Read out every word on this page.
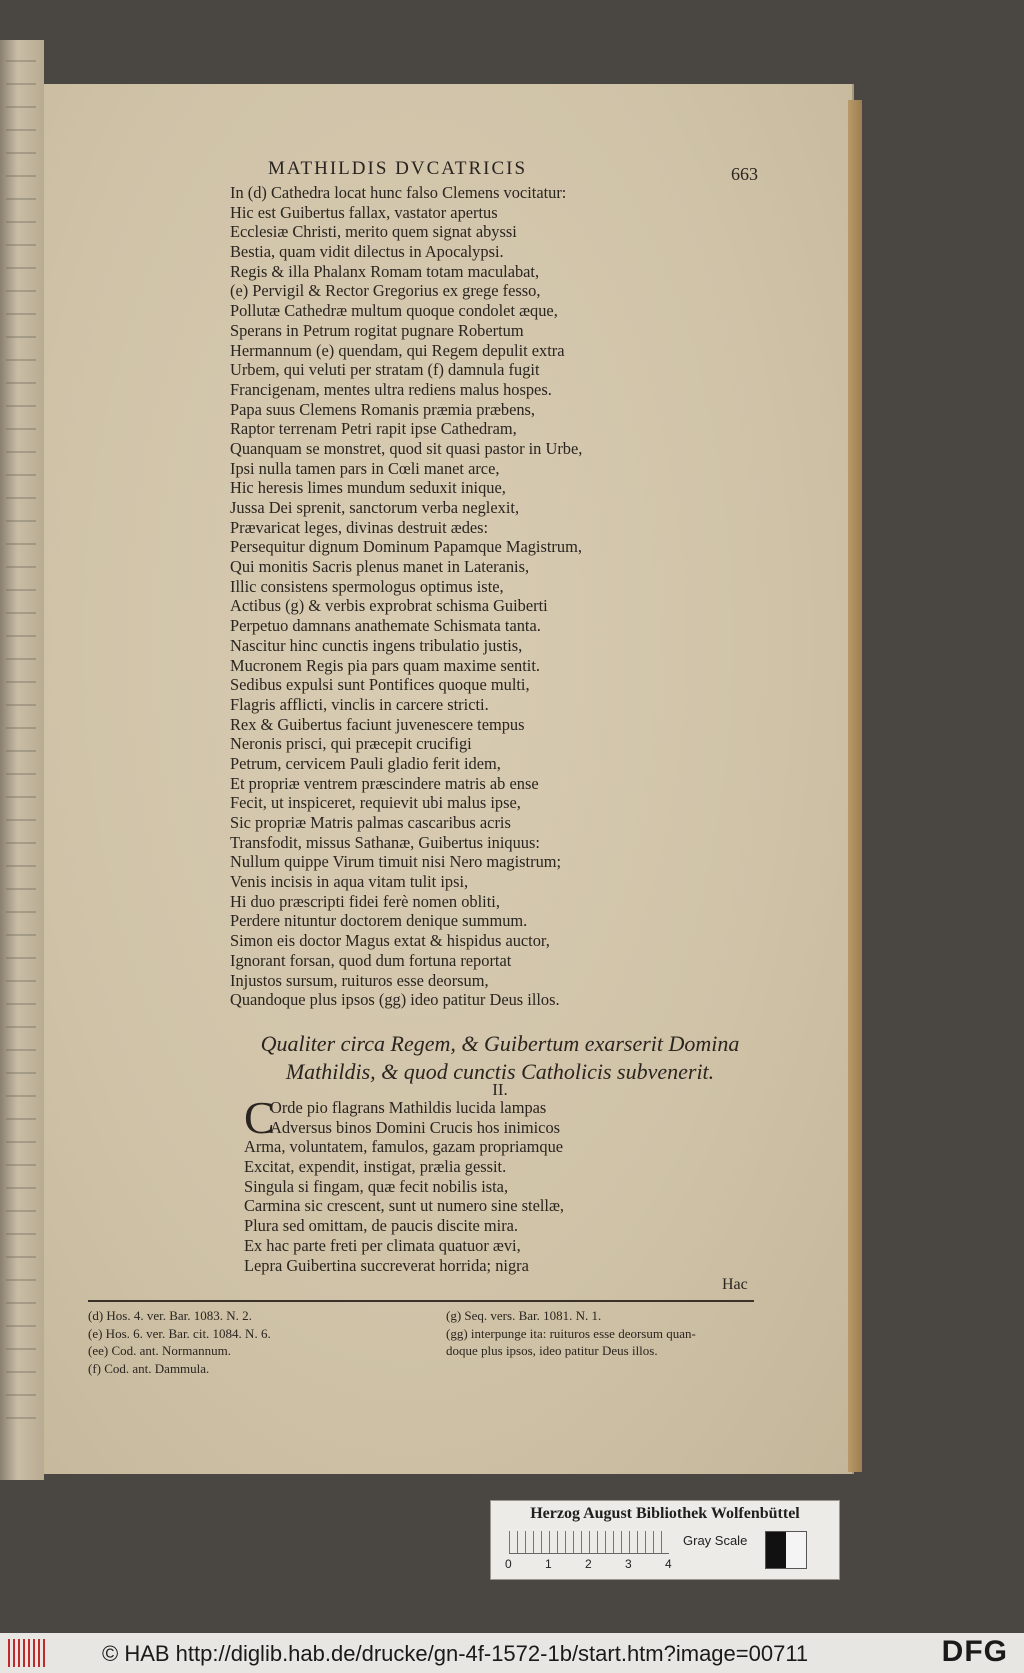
MATHILDIS DVCATRICIS	663
In (d) Cathedra locat hunc falso Clemens vocitatur:
Hic est Guibertus fallax, vastator apertus
Ecclesiæ Christi, merito quem signat abyssi
Bestia, quam vidit dilectus in Apocalypsi.
Regis & illa Phalanx Romam totam maculabat,
(e) Pervigil & Rector Gregorius ex grege fesso,
Pollutæ Cathedræ multum quoque condolet æque,
Sperans in Petrum rogitat pugnare Robertum
Hermannum (e) quendam, qui Regem depulit extra
Urbem, qui veluti per stratam (f) damnula fugit
Francigenam, mentes ultra rediens malus hospes.
Papa suus Clemens Romanis præmia præbens,
Raptor terrenam Petri rapit ipse Cathedram,
Quanquam se monstret, quod sit quasi pastor in Urbe,
Ipsi nulla tamen pars in Cœli manet arce,
Hic heresis limes mundum seduxit inique,
Jussa Dei sprenit, sanctorum verba neglexit,
Prævaricat leges, divinas destruit ædes:
Persequitur dignum Dominum Papamque Magistrum,
Qui monitis Sacris plenus manet in Lateranis,
Illic consistens spermologus optimus iste,
Actibus (g) & verbis exprobrat schisma Guiberti
Perpetuo damnans anathemate Schismata tanta.
Nascitur hinc cunctis ingens tribulatio justis,
Mucronem Regis pia pars quam maxime sentit.
Sedibus expulsi sunt Pontifices quoque multi,
Flagris afflicti, vinclis in carcere stricti.
Rex & Guibertus faciunt juvenescere tempus
Neronis prisci, qui præcepit crucifigi
Petrum, cervicem Pauli gladio ferit idem,
Et propriæ ventrem præscindere matris ab ense
Fecit, ut inspiceret, requievit ubi malus ipse,
Sic propriæ Matris palmas cascaribus acris
Transfodit, missus Sathanæ, Guibertus iniquus:
Nullum quippe Virum timuit nisi Nero magistrum;
Venis incisis in aqua vitam tulit ipsi,
Hi duo præscripti fidei ferè nomen obliti,
Perdere nituntur doctorem denique summum.
Simon eis doctor Magus extat & hispidus auctor,
Ignorant forsan, quod dum fortuna reportat
Injustos sursum, ruituros esse deorsum,
Quandoque plus ipsos (gg) ideo patitur Deus illos.
Qualiter circa Regem, & Guibertum exarserit Domina
Mathildis, & quod cunctis Catholicis subvenerit.
II.
C
Orde pio flagrans Mathildis lucida lampas
Adversus binos Domini Crucis hos inimicos
Arma, voluntatem, famulos, gazam propriamque
Excitat, expendit, instigat, prælia gessit.
Singula si fingam, quæ fecit nobilis ista,
Carmina sic crescent, sunt ut numero sine stellæ,
Plura sed omittam, de paucis discite mira.
Ex hac parte freti per climata quatuor ævi,
Lepra Guibertina succreverat horrida; nigra
Hac
(d) Hos. 4. ver. Bar. 1083. N. 2.
(e) Hos. 6. ver. Bar. cit. 1084. N. 6.
(ee) Cod. ant. Normannum.
(f) Cod. ant. Dammula.
(g) Seq. vers. Bar. 1081. N. 1.
(gg) interpunge ita: ruituros esse deorsum quan-
doque plus ipsos, ideo patitur Deus illos.
Herzog August Bibliothek Wolfenbüttel
0	1	2	3	4
Gray Scale
© HAB http://diglib.hab.de/drucke/gn-4f-1572-1b/start.htm?image=00711	DFG
